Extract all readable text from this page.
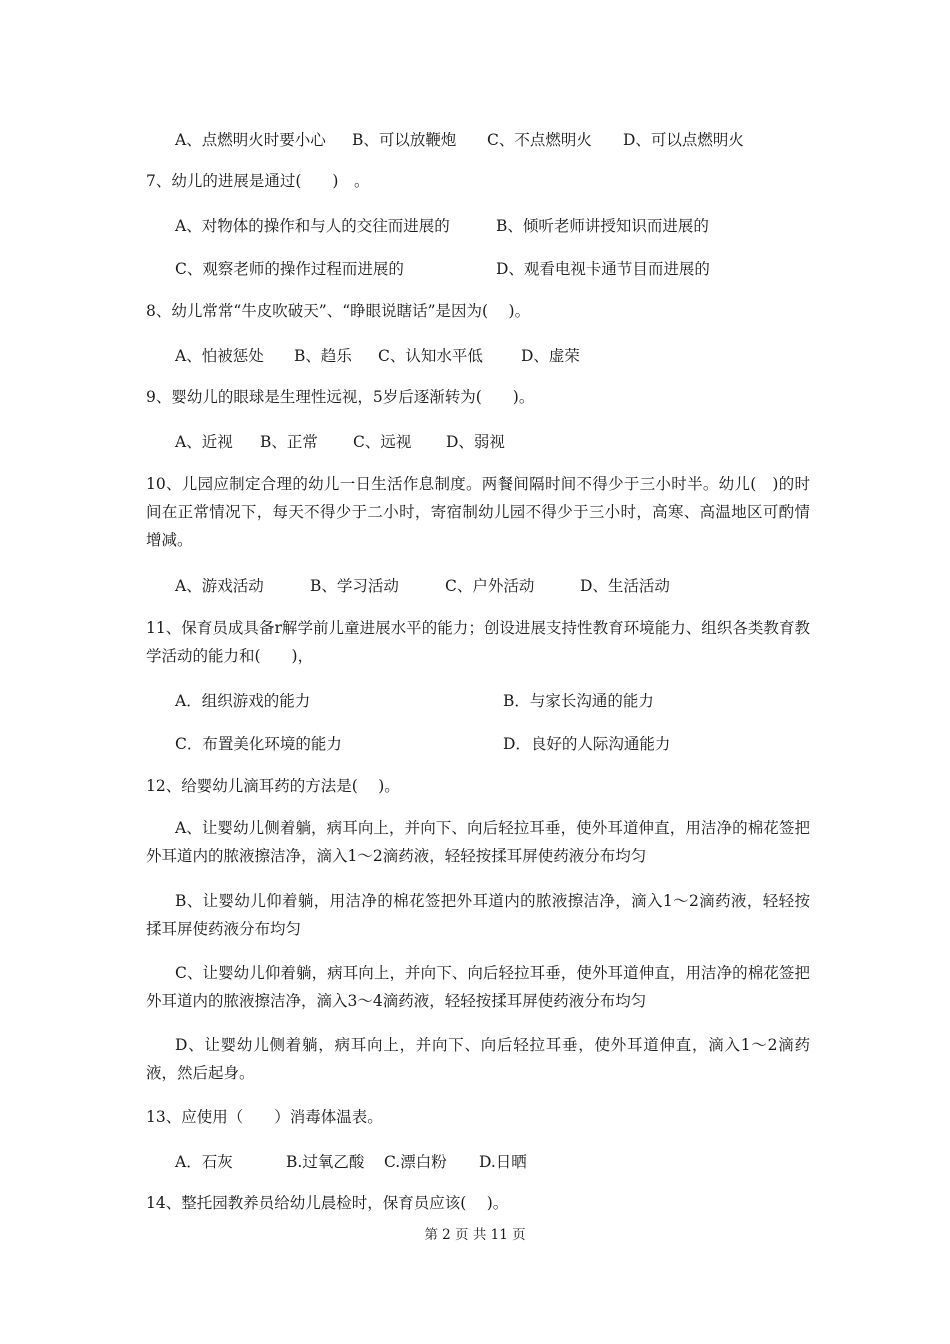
A、点燃明火时要小心 B、可以放鞭炮 C、不点燃明火 D、可以点燃明火
7、幼儿的进展是通过(　　)　。
A、对物体的操作和与人的交往而进展的	B、倾听老师讲授知识而进展的
C、观察老师的操作过程而进展的	D、观看电视卡通节目而进展的
8、幼儿常常“牛皮吹破天”、“睁眼说瞎话”是因为(　 )。
A、怕被惩处 B、趋乐 C、认知水平低 D、虚荣
9、婴幼儿的眼球是生理性远视，5岁后逐渐转为(　　)。
A、近视 B、正常 C、远视 D、弱视
10、儿园应制定合理的幼儿一日生活作息制度。两餐间隔时间不得少于三小时半。幼儿(　)的时间在正常情况下，每天不得少于二小时，寄宿制幼儿园不得少于三小时，高寒、高温地区可酌情增减。
A、游戏活动	B、学习活动	C、户外活动	D、生活活动
11、保育员成具备r解学前儿童进展水平的能力；创设进展支持性教育环境能力、组织各类教育教学活动的能力和(　　)，
A．组织游戏的能力	B．与家长沟通的能力
C．布置美化环境的能力	D．良好的人际沟通能力
12、给婴幼儿滴耳药的方法是(　 )。
A、让婴幼儿侧着躺，病耳向上，并向下、向后轻拉耳垂，使外耳道伸直，用洁净的棉花签把外耳道内的脓液擦洁净，滴入1～2滴药液，轻轻按揉耳屏使药液分布均匀
B、让婴幼儿仰着躺，用洁净的棉花签把外耳道内的脓液擦洁净，滴入1～2滴药液，轻轻按揉耳屏使药液分布均匀
C、让婴幼儿仰着躺，病耳向上，并向下、向后轻拉耳垂，使外耳道伸直，用洁净的棉花签把外耳道内的脓液擦洁净，滴入3～4滴药液，轻轻按揉耳屏使药液分布均匀
D、让婴幼儿侧着躺，病耳向上，并向下、向后轻拉耳垂，使外耳道伸直，滴入1～2滴药液，然后起身。
13、应使用（　　）消毒体温表。
A．石灰	B.过氧乙酸 C.漂白粉 D.日晒
14、整托园教养员给幼儿晨检时，保育员应该(　 )。
第 2 页 共 11 页
